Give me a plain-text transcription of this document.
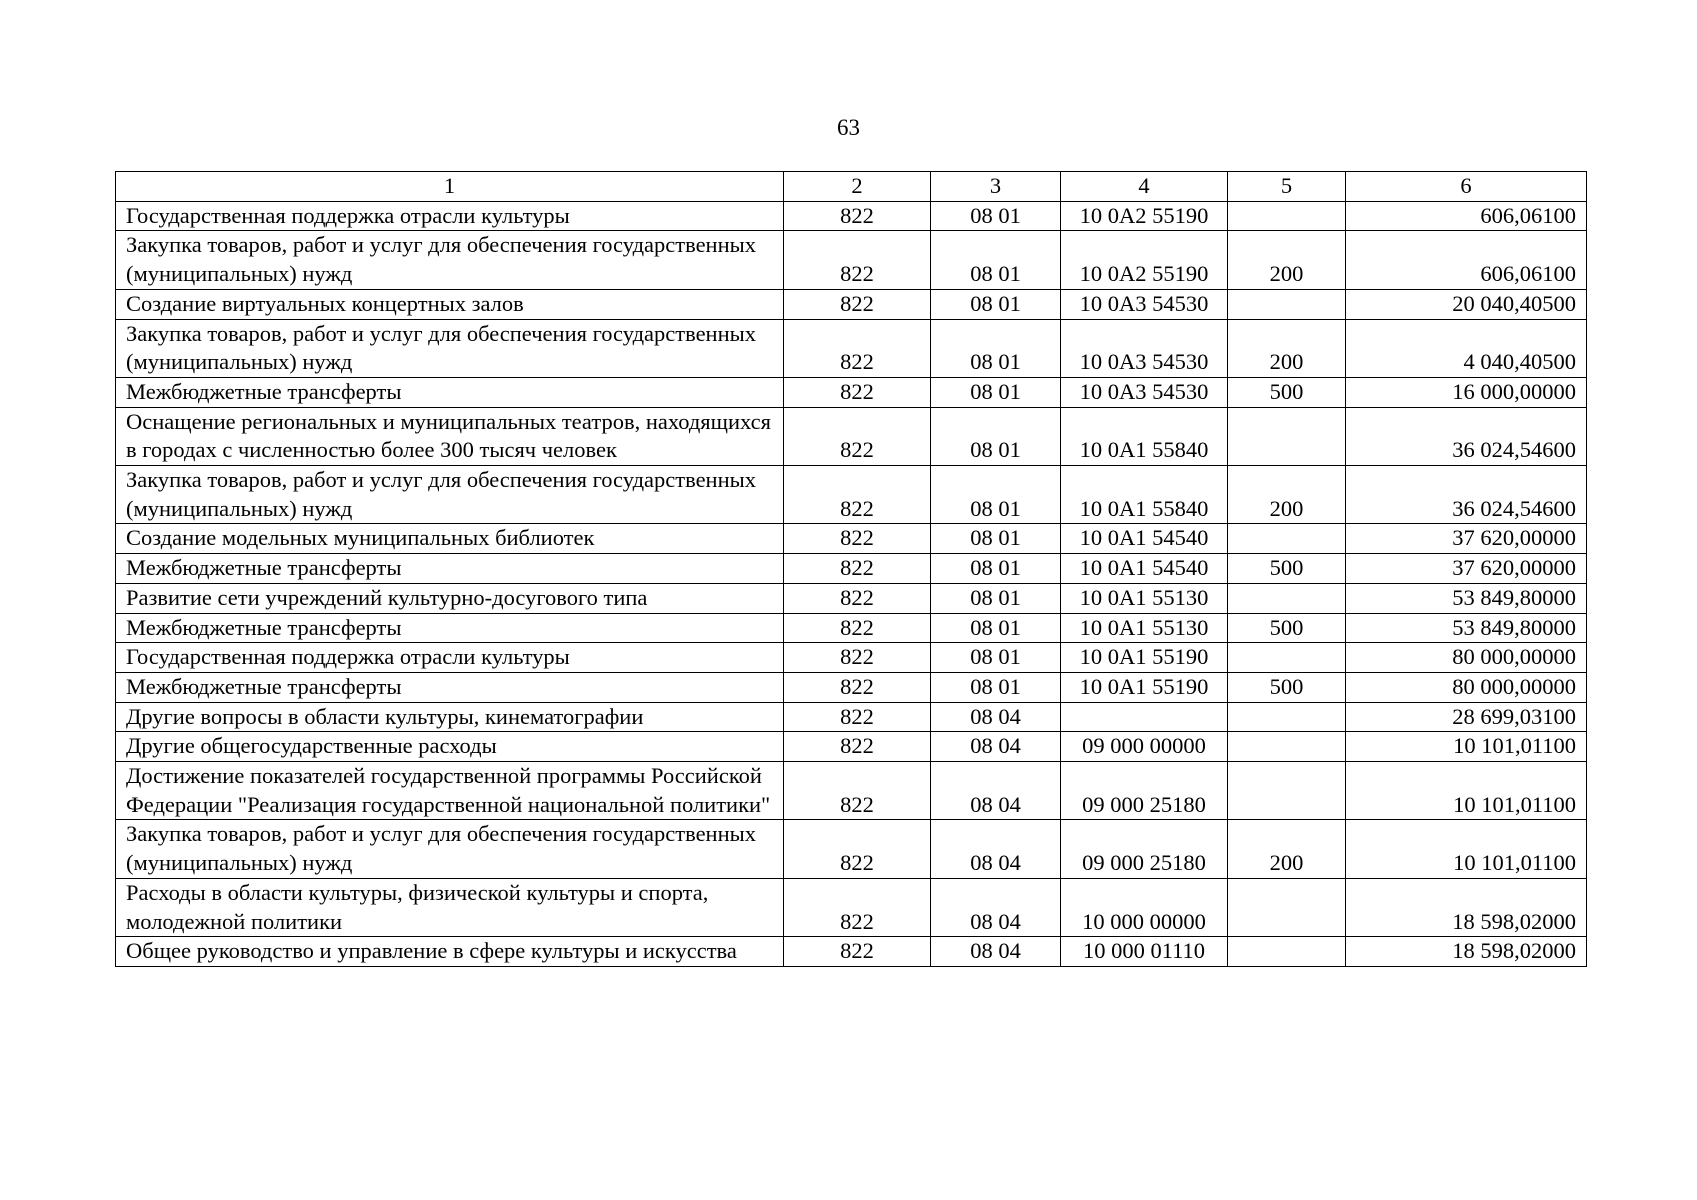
63
1	2	3	4	5	6
Государственная поддержка отрасли культуры	822	08 01	10 0А2 55190		606,06100
Закупка товаров, работ и услуг для обеспечения государственных (муниципальных) нужд	822	08 01	10 0А2 55190	200	606,06100
Создание виртуальных концертных залов	822	08 01	10 0А3 54530		20 040,40500
Закупка товаров, работ и услуг для обеспечения государственных (муниципальных) нужд	822	08 01	10 0А3 54530	200	4 040,40500
Межбюджетные трансферты	822	08 01	10 0А3 54530	500	16 000,00000
Оснащение региональных и муниципальных театров, находящихся в городах с численностью более 300 тысяч человек	822	08 01	10 0А1 55840		36 024,54600
Закупка товаров, работ и услуг для обеспечения государственных (муниципальных) нужд	822	08 01	10 0А1 55840	200	36 024,54600
Создание модельных муниципальных библиотек	822	08 01	10 0А1 54540		37 620,00000
Межбюджетные трансферты	822	08 01	10 0А1 54540	500	37 620,00000
Развитие сети учреждений культурно-досугового типа	822	08 01	10 0А1 55130		53 849,80000
Межбюджетные трансферты	822	08 01	10 0А1 55130	500	53 849,80000
Государственная поддержка отрасли культуры	822	08 01	10 0А1 55190		80 000,00000
Межбюджетные трансферты	822	08 01	10 0А1 55190	500	80 000,00000
Другие вопросы в области культуры, кинематографии	822	08 04			28 699,03100
Другие общегосударственные расходы	822	08 04	09 000 00000		10 101,01100
Достижение показателей государственной программы Российской Федерации "Реализация государственной национальной политики"	822	08 04	09 000 25180		10 101,01100
Закупка товаров, работ и услуг для обеспечения государственных (муниципальных) нужд	822	08 04	09 000 25180	200	10 101,01100
Расходы в области культуры, физической культуры и спорта, молодежной политики	822	08 04	10 000 00000		18 598,02000
Общее руководство и управление в сфере культуры и искусства	822	08 04	10 000 01110		18 598,02000
